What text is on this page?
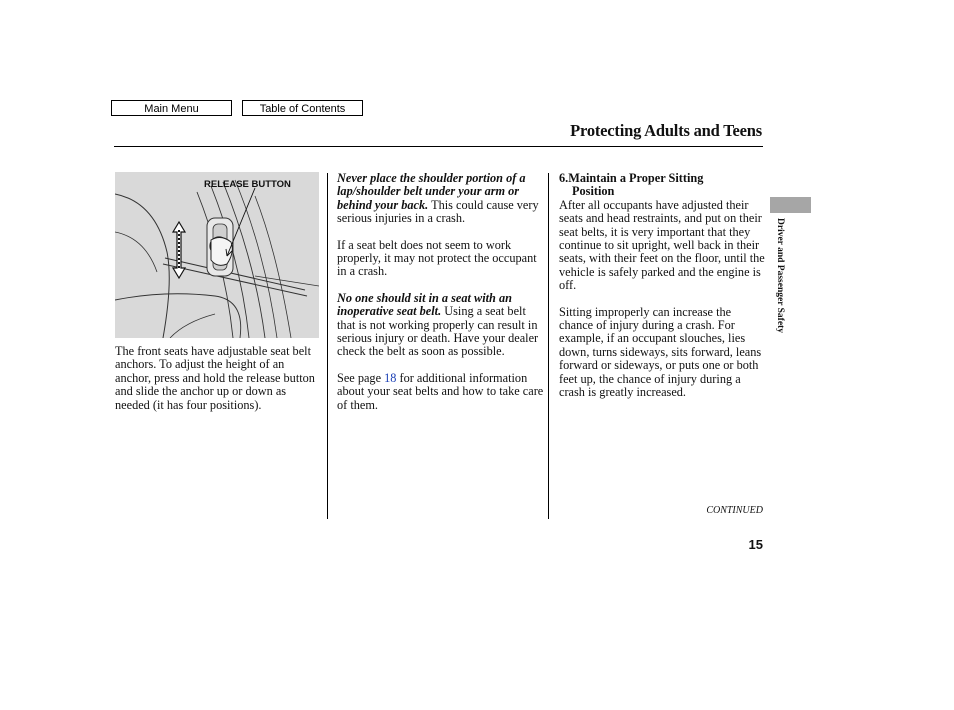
Main Menu	Table of Contents
Protecting Adults and Teens
RELEASE BUTTON

The front seats have adjustable seat belt anchors. To adjust the height of an anchor, press and hold the release button and slide the anchor up or down as needed (it has four positions).

Never place the shoulder portion of a lap/shoulder belt under your arm or behind your back. This could cause very serious injuries in a crash.

If a seat belt does not seem to work properly, it may not protect the occupant in a crash.

No one should sit in a seat with an inoperative seat belt. Using a seat belt that is not working properly can result in serious injury or death. Have your dealer check the belt as soon as possible.

See page 18 for additional information about your seat belts and how to take care of them.

6.Maintain a Proper Sitting
Position

After all occupants have adjusted their seats and head restraints, and put on their seat belts, it is very important that they continue to sit upright, well back in their seats, with their feet on the floor, until the vehicle is safely parked and the engine is off.

Sitting improperly can increase the chance of injury during a crash. For example, if an occupant slouches, lies down, turns sideways, sits forward, leans forward or sideways, or puts one or both feet up, the chance of injury during a crash is greatly increased.

Driver and Passenger Safety
CONTINUED
15
